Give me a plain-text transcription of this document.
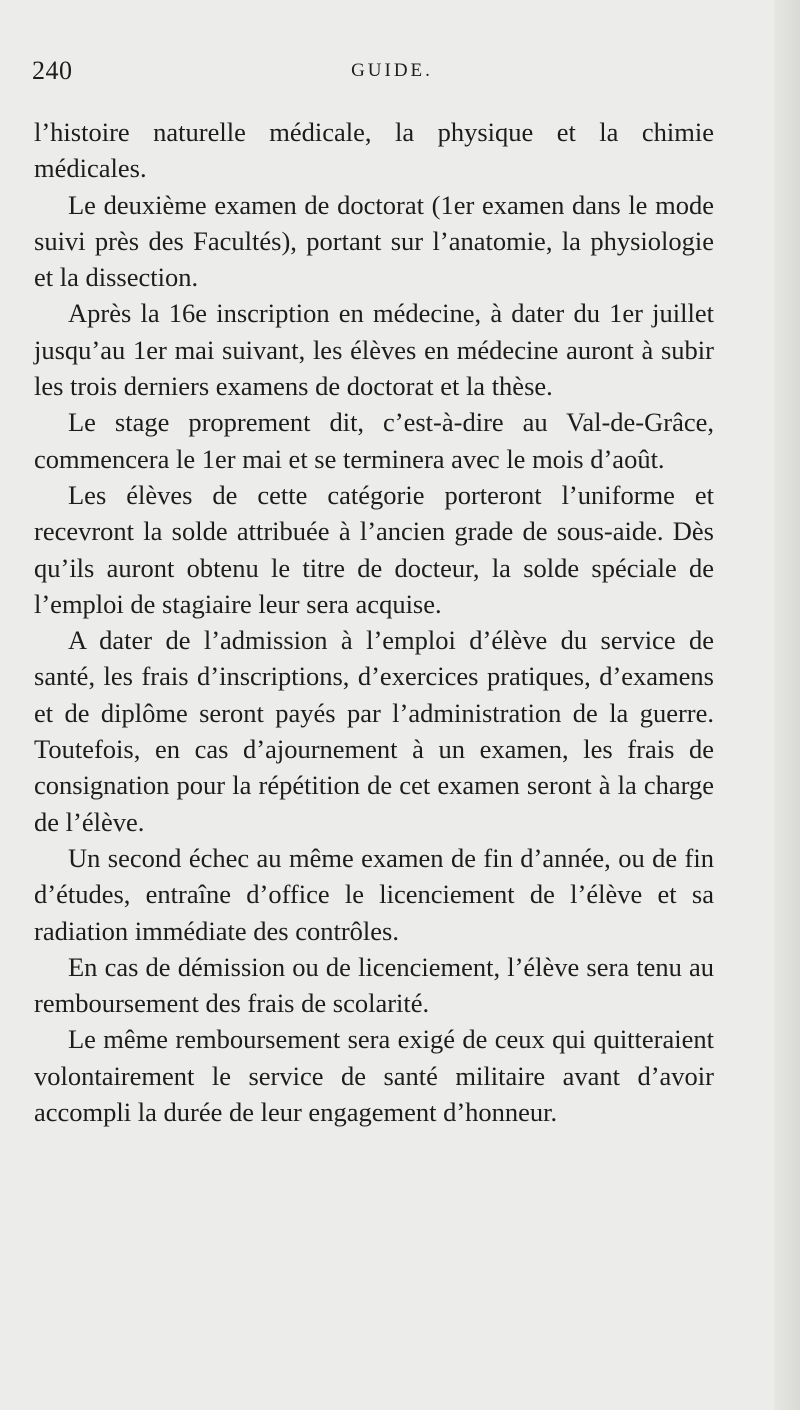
240	GUIDE.

l’histoire naturelle médicale, la physique et la chimie médicales.

Le deuxième examen de doctorat (1er examen dans le mode suivi près des Facultés), portant sur l’anatomie, la physiologie et la dissection.

Après la 16e inscription en médecine, à dater du 1er juillet jusqu’au 1er mai suivant, les élèves en médecine auront à subir les trois derniers examens de doctorat et la thèse.

Le stage proprement dit, c’est-à-dire au Val-de-Grâce, commencera le 1er mai et se terminera avec le mois d’août.

Les élèves de cette catégorie porteront l’uniforme et recevront la solde attribuée à l’ancien grade de sous-aide. Dès qu’ils auront obtenu le titre de docteur, la solde spéciale de l’emploi de stagiaire leur sera acquise.

A dater de l’admission à l’emploi d’élève du service de santé, les frais d’inscriptions, d’exercices pratiques, d’examens et de diplôme seront payés par l’administration de la guerre. Toutefois, en cas d’ajournement à un examen, les frais de consignation pour la répétition de cet examen seront à la charge de l’élève.

Un second échec au même examen de fin d’année, ou de fin d’études, entraîne d’office le licenciement de l’élève et sa radiation immédiate des contrôles.

En cas de démission ou de licenciement, l’élève sera tenu au remboursement des frais de scolarité.

Le même remboursement sera exigé de ceux qui quitteraient volontairement le service de santé militaire avant d’avoir accompli la durée de leur engagement d’honneur.
